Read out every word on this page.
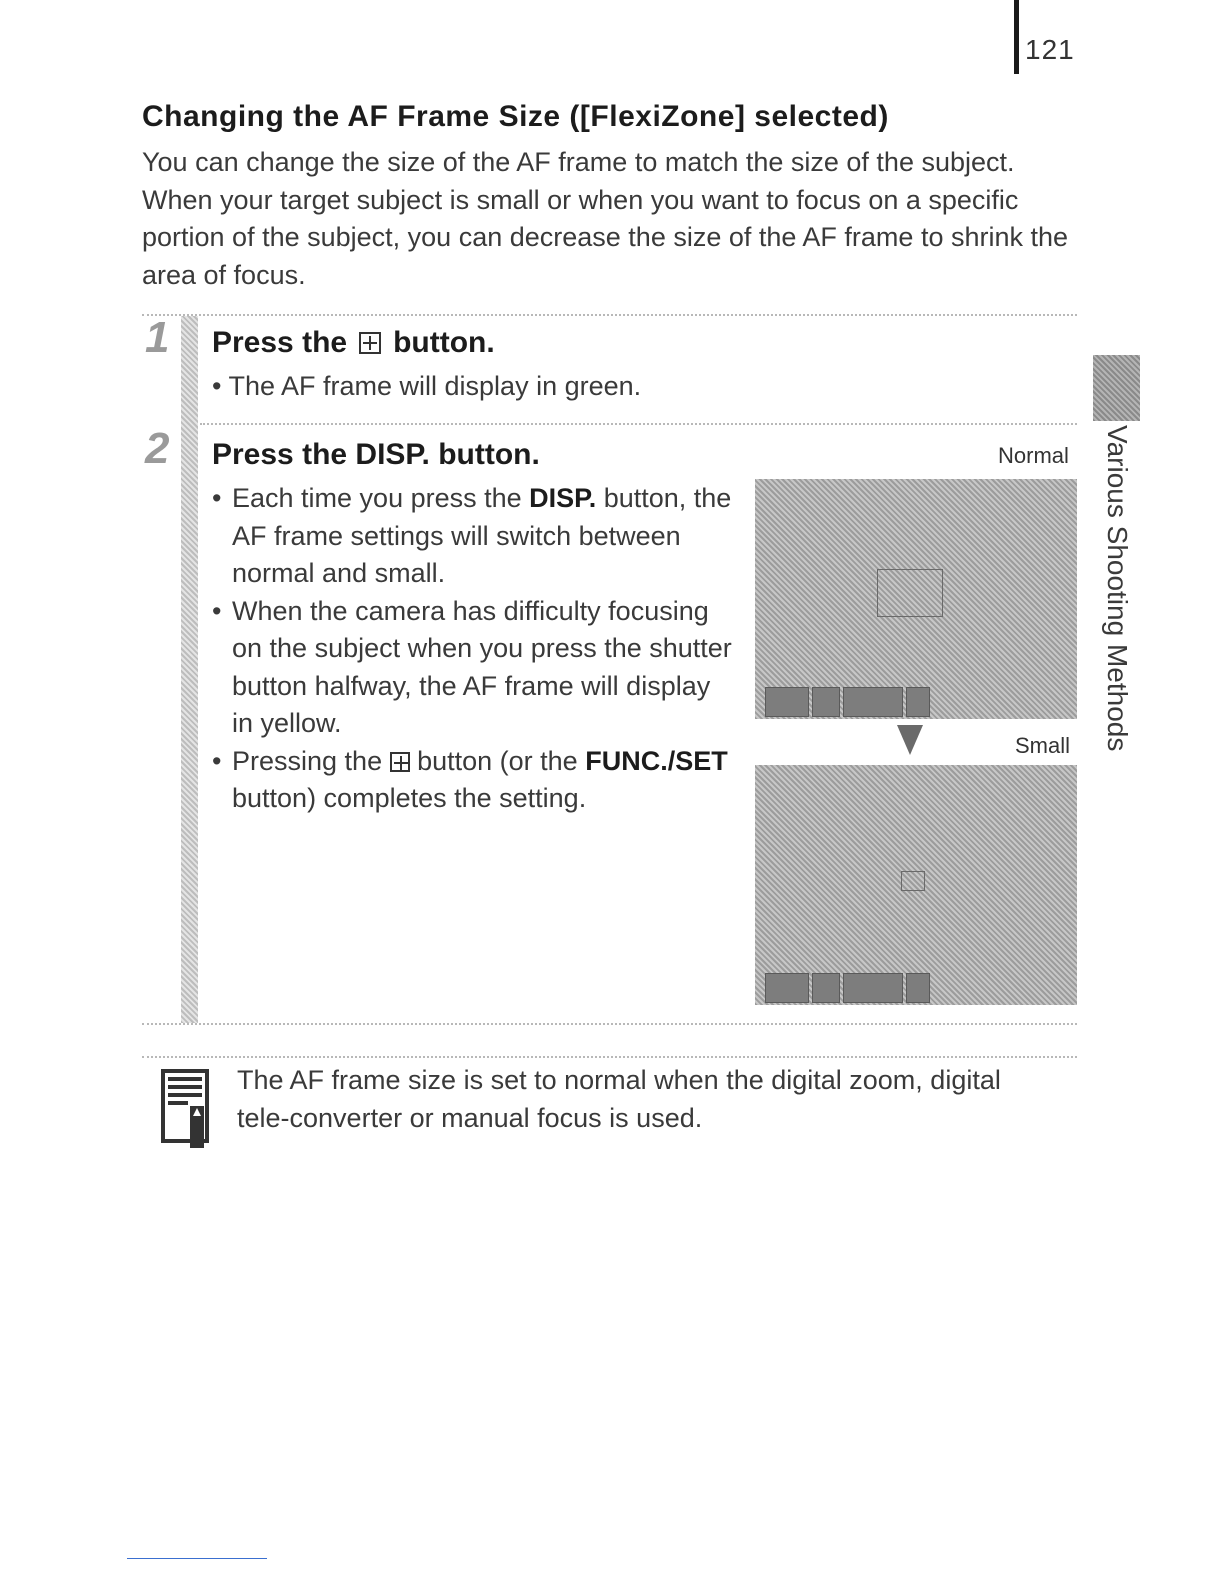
121
Changing the AF Frame Size ([FlexiZone] selected)
You can change the size of the AF frame to match the size of the subject. When your target subject is small or when you want to focus on a specific portion of the subject, you can decrease the size of the AF frame to shrink the area of focus.
1 Press the button.
• The AF frame will display in green.
2 Press the DISP. button.
• Each time you press the DISP. button, the AF frame settings will switch between normal and small.
• When the camera has difficulty focusing on the subject when you press the shutter button halfway, the AF frame will display in yellow.
• Pressing the  button (or the FUNC./SET button) completes the setting.
Normal
Small Various Shooting Methods
The AF frame size is set to normal when the digital zoom, digital tele-converter or manual focus is used.
